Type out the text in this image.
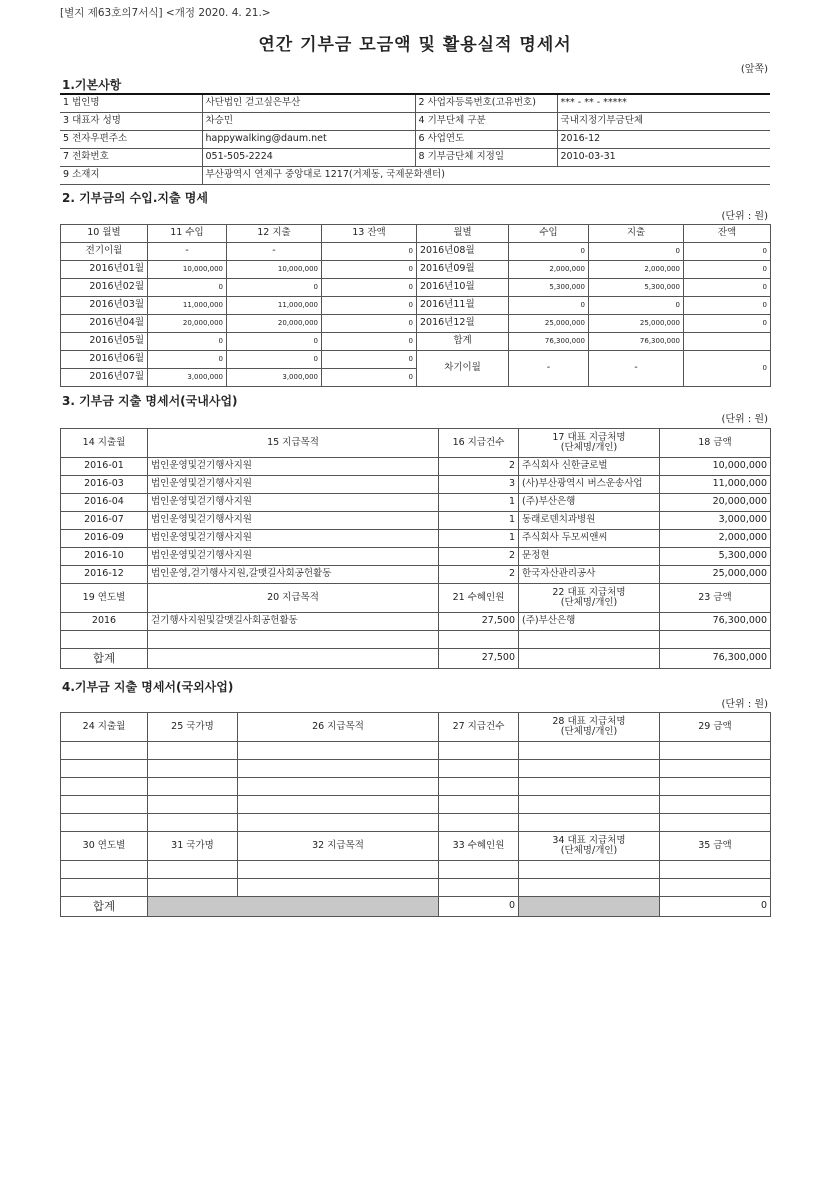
[별지 제63호의7서식] <개정 2020. 4. 21.>
연간 기부금 모금액 및 활용실적 명세서
(앞쪽)
1.기본사항
1 법인명	사단법인 걷고싶은부산	2 사업자등록번호(고유번호)	*** - ** - *****
3 대표자 성명	차승민	4 기부단체 구분	국내지정기부금단체
5 전자우편주소	happywalking@daum.net	6 사업연도	2016-12
7 전화번호	051-505-2224	8 기부금단체 지정일	2010-03-31
9 소재지	부산광역시 연제구 중앙대로 1217(거제동, 국제문화센터)		
2. 기부금의 수입.지출 명세
(단위 : 원)
10 월별	11 수입	12 지출	13 잔액	월별	수입	지출	잔액
전기이월	-	-	0	2016년08월	0	0	0
2016년01월	10,000,000	10,000,000	0	2016년09월	2,000,000	2,000,000	0
2016년02월	0	0	0	2016년10월	5,300,000	5,300,000	0
2016년03월	11,000,000	11,000,000	0	2016년11월	0	0	0
2016년04월	20,000,000	20,000,000	0	2016년12월	25,000,000	25,000,000	0
2016년05월	0	0	0	합계	76,300,000	76,300,000	
2016년06월	0	0	0	차기이월	-	-	0
2016년07월	3,000,000	3,000,000	0				
3. 기부금 지출 명세서(국내사업)
(단위 : 원)
14 지출월	15 지급목적	16 지급건수	17 대표 지급처명
(단체명/개인)	18 금액
2016-01	법인운영및걷기행사지원	2	주식회사 신한글로벌	10,000,000
2016-03	법인운영및걷기행사지원	3	(사)부산광역시 버스운송사업	11,000,000
2016-04	법인운영및걷기행사지원	1	(주)부산은행	20,000,000
2016-07	법인운영및걷기행사지원	1	동래로덴치과병원	3,000,000
2016-09	법인운영및걷기행사지원	1	주식회사 두모씨앤씨	2,000,000
2016-10	법인운영및걷기행사지원	2	문정현	5,300,000
2016-12	법인운영,걷기행사지원,갈맷길사회공헌활동	2	한국자산관리공사	25,000,000
19 연도별	20 지급목적	21 수혜인원	22 대표 지급처명
(단체명/개인)	23 금액
2016	걷기행사지원및갈맷길사회공헌활동	27,500	(주)부산은행	76,300,000

합계		27,500		76,300,000
4.기부금 지출 명세서(국외사업)
(단위 : 원)
24 지출월	25 국가명	26 지급목적	27 지급건수	28 대표 지급처명
(단체명/개인)	29 금액

30 연도별	31 국가명	32 지급목적	33 수혜인원	34 대표 지급처명
(단체명/개인)	35 금액

합계			0		0
